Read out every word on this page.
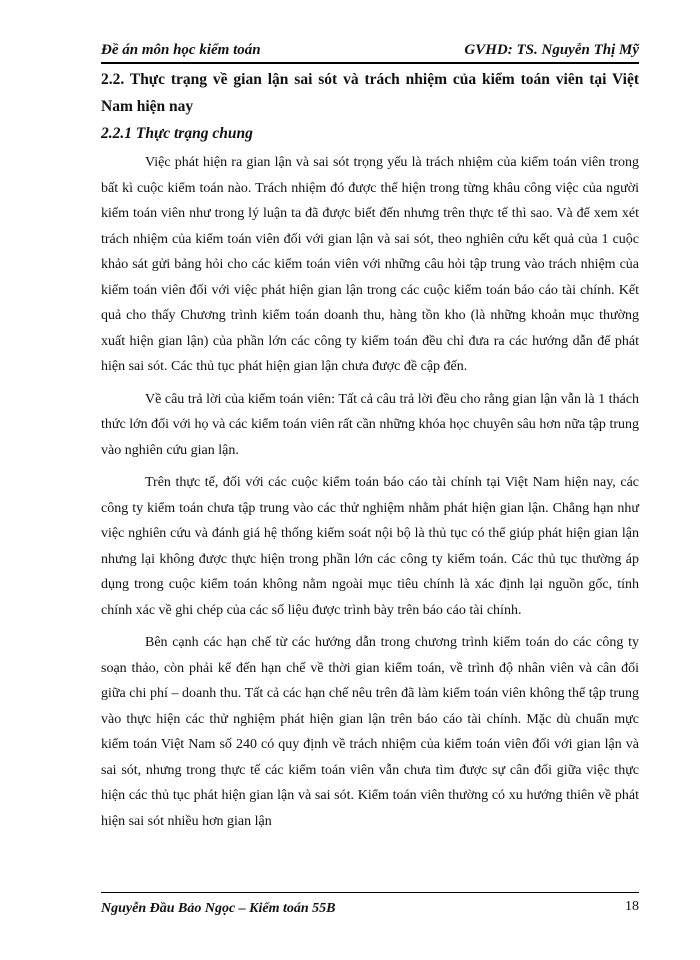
Đề án môn học kiểm toán	GVHD: TS. Nguyễn Thị Mỹ
2.2. Thực trạng về gian lận sai sót và trách nhiệm của kiểm toán viên tại Việt Nam hiện nay
2.2.1 Thực trạng chung

Việc phát hiện ra gian lận và sai sót trọng yếu là trách nhiệm của kiểm toán viên trong bất kì cuộc kiểm toán nào. Trách nhiệm đó được thể hiện trong từng khâu công việc của người kiểm toán viên như trong lý luận ta đã được biết đến nhưng trên thực tế thì sao. Và để xem xét trách nhiệm của kiểm toán viên đối với gian lận và sai sót, theo nghiên cứu kết quả của 1 cuộc khảo sát gửi bảng hỏi cho các kiểm toán viên với những câu hỏi tập trung vào trách nhiệm của kiểm toán viên đối với việc phát hiện gian lận trong các cuộc kiểm toán báo cáo tài chính. Kết quả cho thấy Chương trình kiểm toán doanh thu, hàng tồn kho (là những khoản mục thường xuất hiện gian lận) của phần lớn các công ty kiểm toán đều chỉ đưa ra các hướng dẫn để phát hiện sai sót. Các thủ tục phát hiện gian lận chưa được đề cập đến.

Về câu trả lời của kiểm toán viên: Tất cả câu trả lời đều cho rằng gian lận vẫn là 1 thách thức lớn đối với họ và các kiểm toán viên rất cần những khóa học chuyên sâu hơn nữa tập trung vào nghiên cứu gian lận.

Trên thực tế, đối với các cuộc kiểm toán báo cáo tài chính tại Việt Nam hiện nay, các công ty kiểm toán chưa tập trung vào các thử nghiệm nhằm phát hiện gian lận. Chẳng hạn như việc nghiên cứu và đánh giá hệ thống kiểm soát nội bộ là thủ tục có thể giúp phát hiện gian lận nhưng lại không được thực hiện trong phần lớn các công ty kiểm toán. Các thủ tục thường áp dụng trong cuộc kiểm toán không nằm ngoài mục tiêu chính là xác định lại nguồn gốc, tính chính xác về ghi chép của các số liệu được trình bày trên báo cáo tài chính.

Bên cạnh các hạn chế từ các hướng dẫn trong chương trình kiểm toán do các công ty soạn thảo, còn phải kể đến hạn chế về thời gian kiểm toán, về trình độ nhân viên và cân đối giữa chi phí – doanh thu. Tất cả các hạn chế nêu trên đã làm kiểm toán viên không thể tập trung vào thực hiện các thử nghiệm phát hiện gian lận trên báo cáo tài chính. Mặc dù chuẩn mực kiểm toán Việt Nam số 240 có quy định về trách nhiệm của kiểm toán viên đối với gian lận và sai sót, nhưng trong thực tế các kiểm toán viên vẫn chưa tìm được sự cân đối giữa việc thực hiện các thủ tục phát hiện gian lận và sai sót. Kiểm toán viên thường có xu hướng thiên về phát hiện sai sót nhiều hơn gian lận

Nguyễn Đầu Bảo Ngọc – Kiểm toán 55B	18
